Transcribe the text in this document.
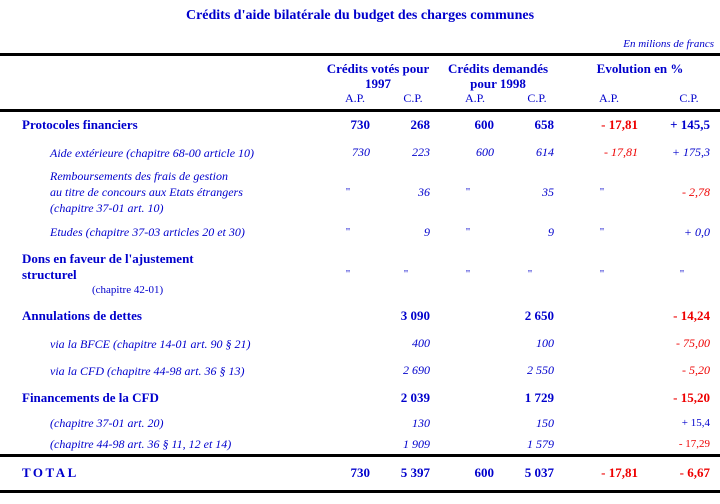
Crédits d'aide bilatérale du budget des charges communes
En milions de francs

Crédits votés pour
1997

Crédits demandés
pour 1998

Evolution en %

	A.P.	C.P.	A.P.	C.P.	A.P.	C.P.

Protocoles financiers	730	268	600	658	- 17,81	+ 145,5

Aide extérieure (chapitre 68-00 article 10)	730	223	600	614	- 17,81	+ 175,3

Remboursements des frais de gestion
au titre de concours aux Etats étrangers
(chapitre 37-01 art. 10)	"	36	"	35	"	- 2,78

Etudes (chapitre 37-03 articles 20 et 30)	"	9	"	9	"	+ 0,0

Dons en faveur de l'ajustement
structurel
(chapitre 42-01)	"	"	"	"	"	"

Annulations de dettes		3 090		2 650		- 14,24

via la BFCE (chapitre 14-01 art. 90 § 21)		400		100		- 75,00

via la CFD (chapitre 44-98 art. 36 § 13)		2 690		2 550		- 5,20

Financements de la CFD		2 039		1 729		- 15,20

(chapitre 37-01 art. 20)		130		150		+ 15,4

(chapitre 44-98 art. 36 § 11, 12 et 14)		1 909		1 579		- 17,29

TOTAL	730	5 397	600	5 037	- 17,81	- 6,67
